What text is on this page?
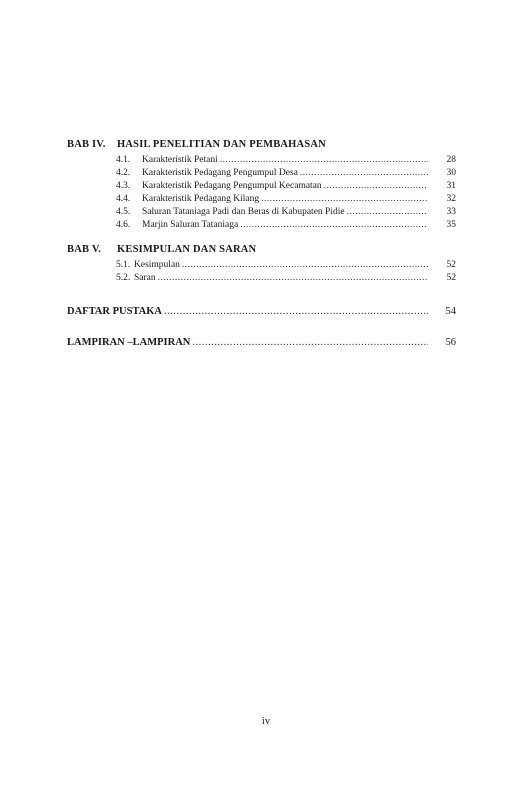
BAB IV. HASIL PENELITIAN DAN PEMBAHASAN
4.1.	Karakteristik Petani .....	28
4.2.	Karakteristik Pedagang Pengumpul Desa .....	30
4.3.	Karakteristik Pedagang Pengumpul Kecamatan .....	31
4.4.	Karakteristik Pedagang Kilang .....	32
4.5.	Saluran Tataniaga Padi dan Beras di Kabupaten Pidie .....	33
4.6.	Marjin Saluran Tataniaga .....	35
BAB V. KESIMPULAN DAN SARAN
5.1. Kesimpulan .....	52
5.2. Saran .....	52
DAFTAR PUSTAKA .....	54
LAMPIRAN –LAMPIRAN .....	56
iv
